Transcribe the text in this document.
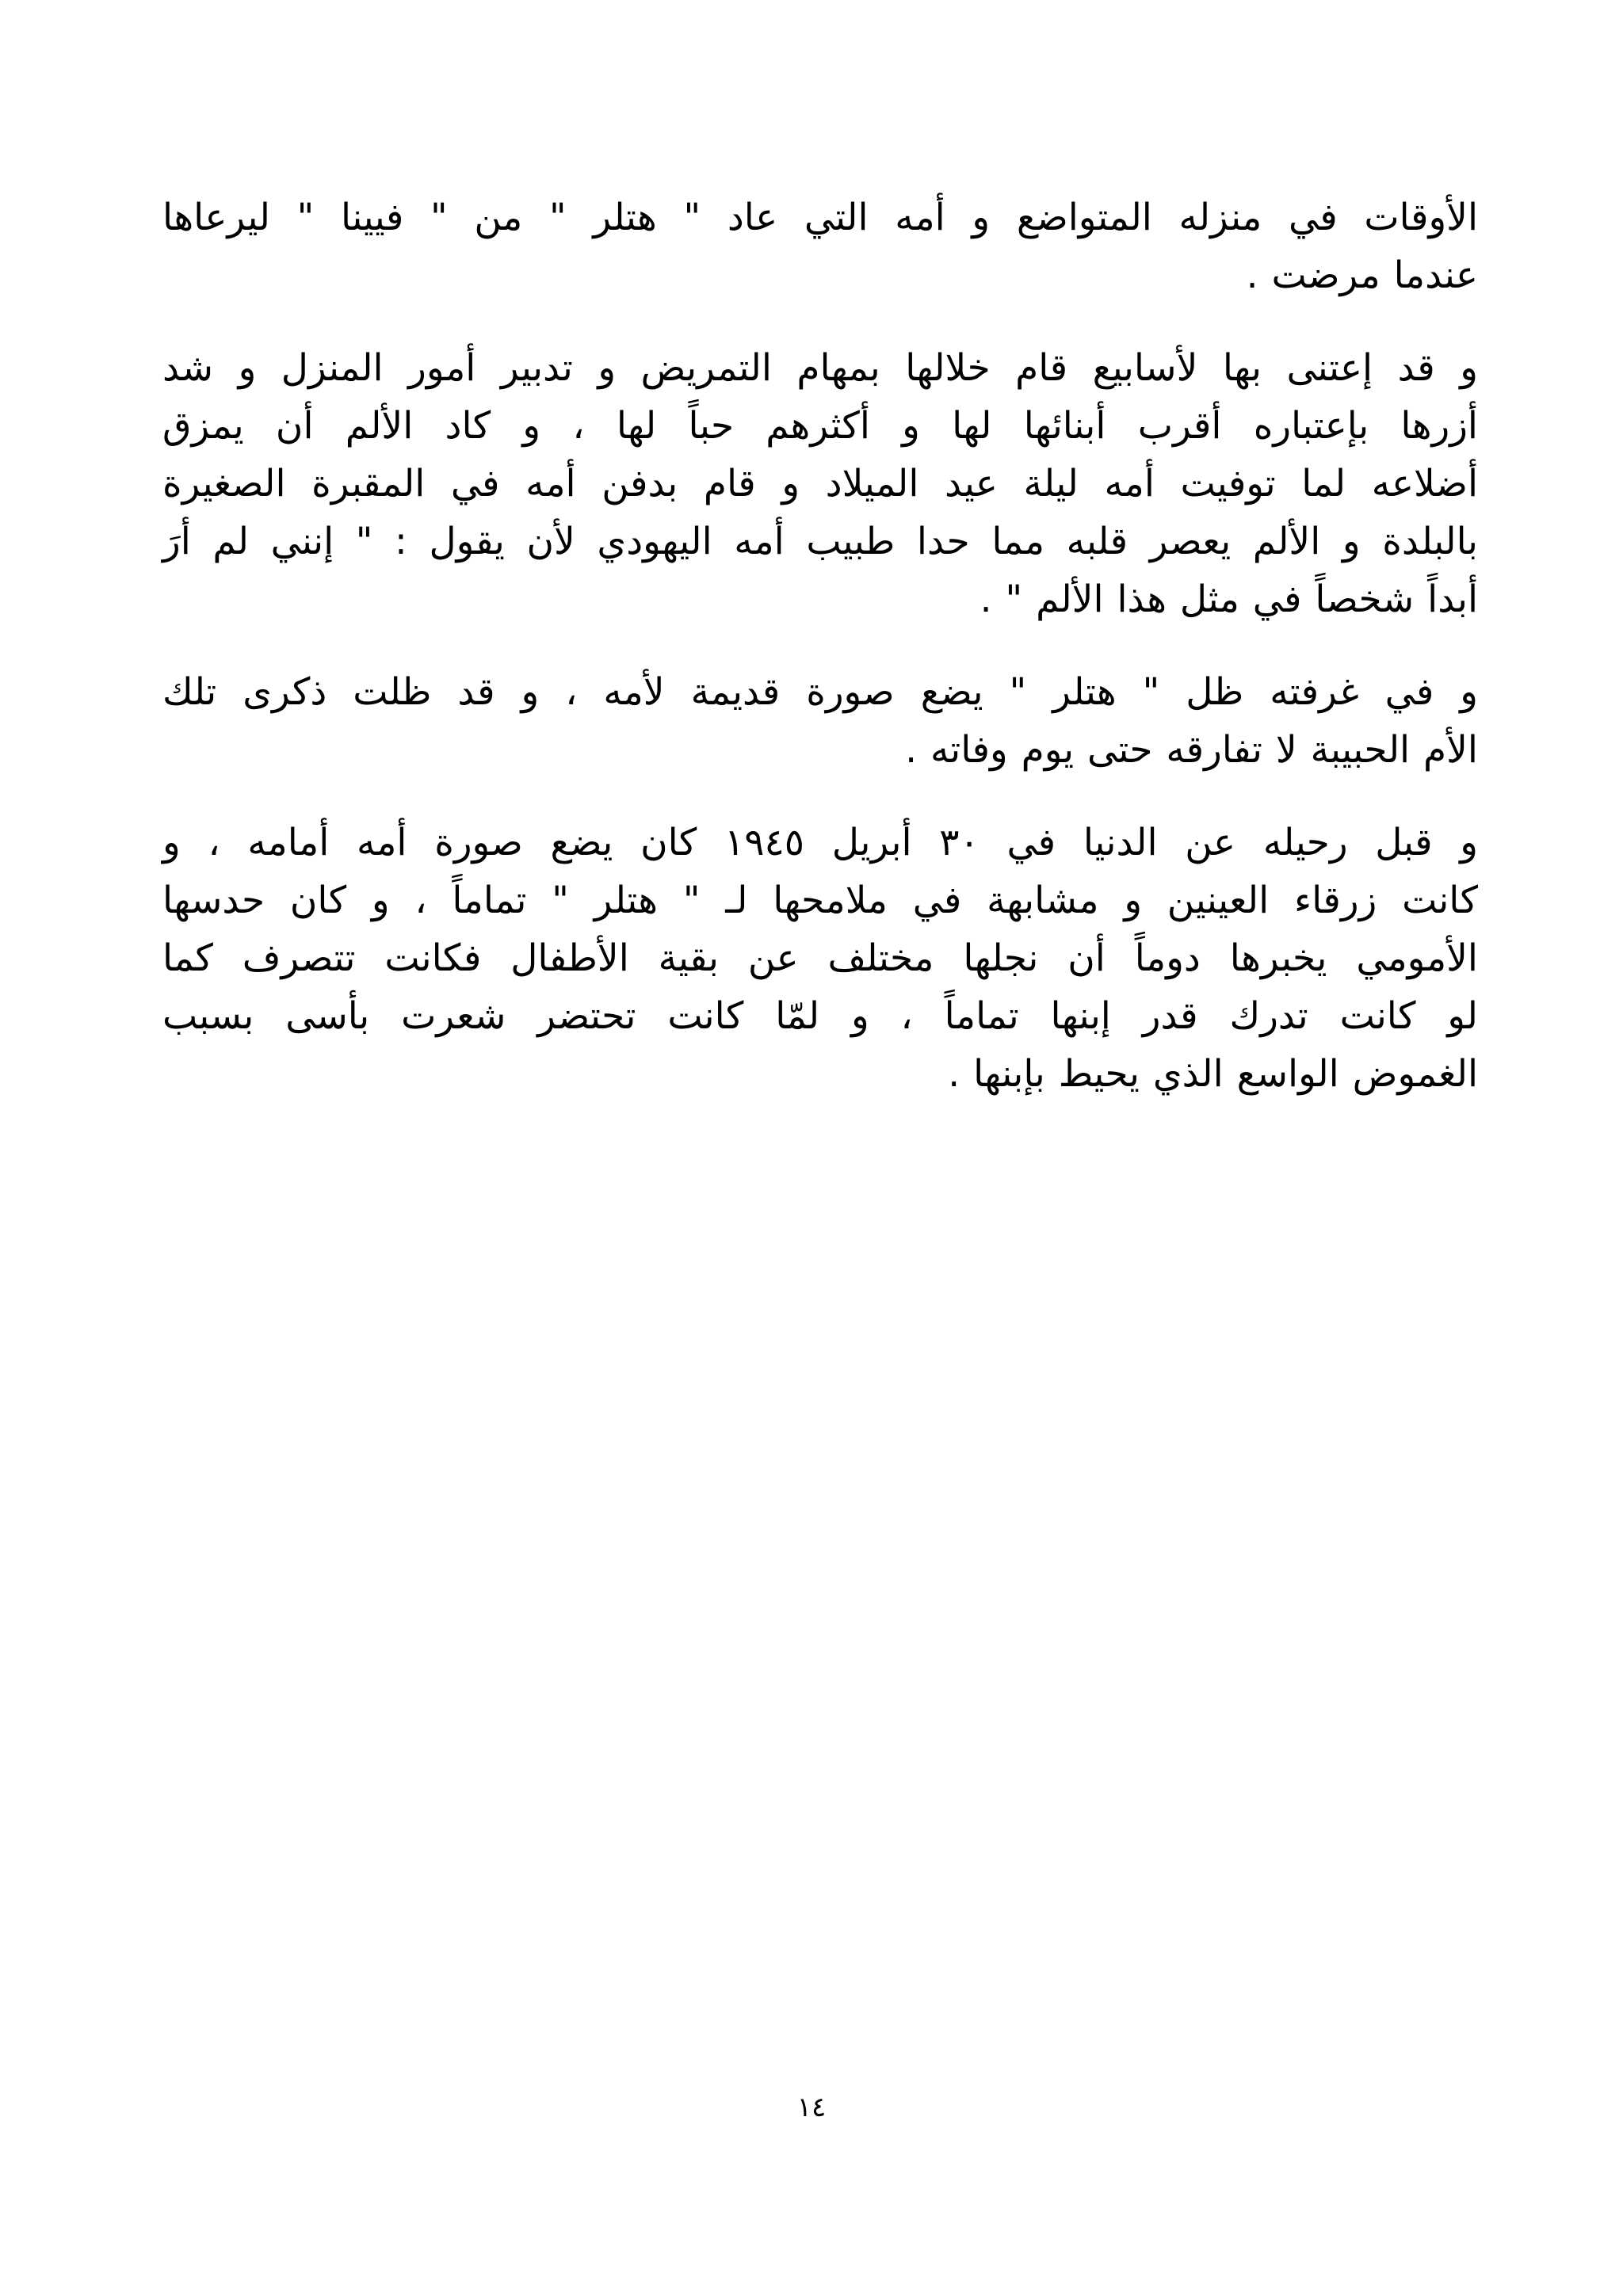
الأوقات في منزله المتواضع و أمه التي عاد " هتلر " من " فيينا " ليرعاها
عندما مرضت .

و قد إعتنى بها لأسابيع قام خلالها بمهام التمريض و تدبير أمور المنزل و شد
أزرها بإعتباره أقرب أبنائها لها و أكثرهم حباً لها ، و كاد الألم أن يمزق
أضلاعه لما توفيت أمه ليلة عيد الميلاد و قام بدفن أمه في المقبرة الصغيرة
بالبلدة و الألم يعصر قلبه مما حدا طبيب أمه اليهودي لأن يقول : " إنني لم أرَ
أبداً شخصاً في مثل هذا الألم " .

و في غرفته ظل " هتلر " يضع صورة قديمة لأمه ، و قد ظلت ذكرى تلك
الأم الحبيبة لا تفارقه حتى يوم وفاته .

و قبل رحيله عن الدنيا في ٣٠ أبريل ١٩٤٥ كان يضع صورة أمه أمامه ، و
كانت زرقاء العينين و مشابهة في ملامحها لـ " هتلر " تماماً ، و كان حدسها
الأمومي يخبرها دوماً أن نجلها مختلف عن بقية الأطفال فكانت تتصرف كما
لو كانت تدرك قدر إبنها تماماً ، و لمّا كانت تحتضر شعرت بأسى بسبب
الغموض الواسع الذي يحيط بإبنها .

١٤
